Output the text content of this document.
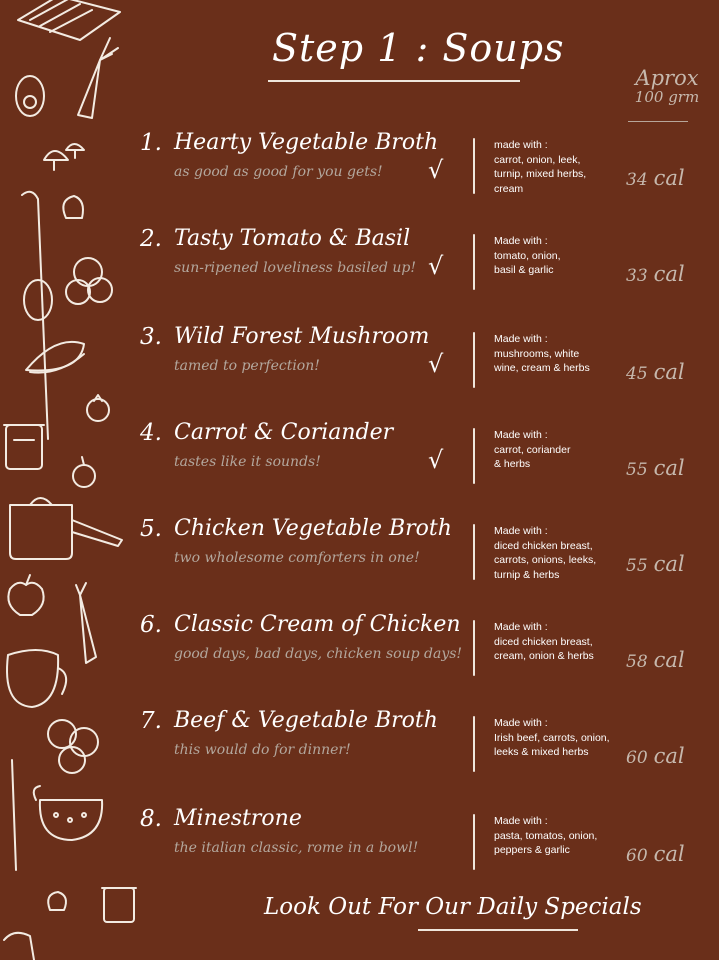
Step 1 : Soups
Aprox
100 grm
1. Hearty Vegetable Broth
as good as good for you gets! √
made with :
carrot, onion, leek,
turnip, mixed herbs,
cream	34 cal
2. Tasty Tomato & Basil
sun-ripened loveliness basiled up! √
Made with :
tomato, onion,
basil & garlic	33 cal
3. Wild Forest Mushroom
tamed to perfection!	√
Made with :
mushrooms, white
wine, cream & herbs	45 cal
4. Carrot & Coriander
tastes like it sounds!	√
Made with :
carrot, coriander
& herbs	55 cal
5. Chicken Vegetable Broth
two wholesome comforters in one!
Made with :
diced chicken breast,
carrots, onions, leeks,
turnip & herbs	55 cal
6. Classic Cream of Chicken
good days, bad days, chicken soup days!
Made with :
diced chicken breast,
cream, onion & herbs	58 cal
7. Beef & Vegetable Broth
this would do for dinner!
Made with :
Irish beef, carrots, onion,
leeks & mixed herbs	60 cal
8. Minestrone
the italian classic, rome in a bowl!
Made with :
pasta, tomatos, onion,
peppers & garlic	60 cal
Look Out For Our Daily Specials
